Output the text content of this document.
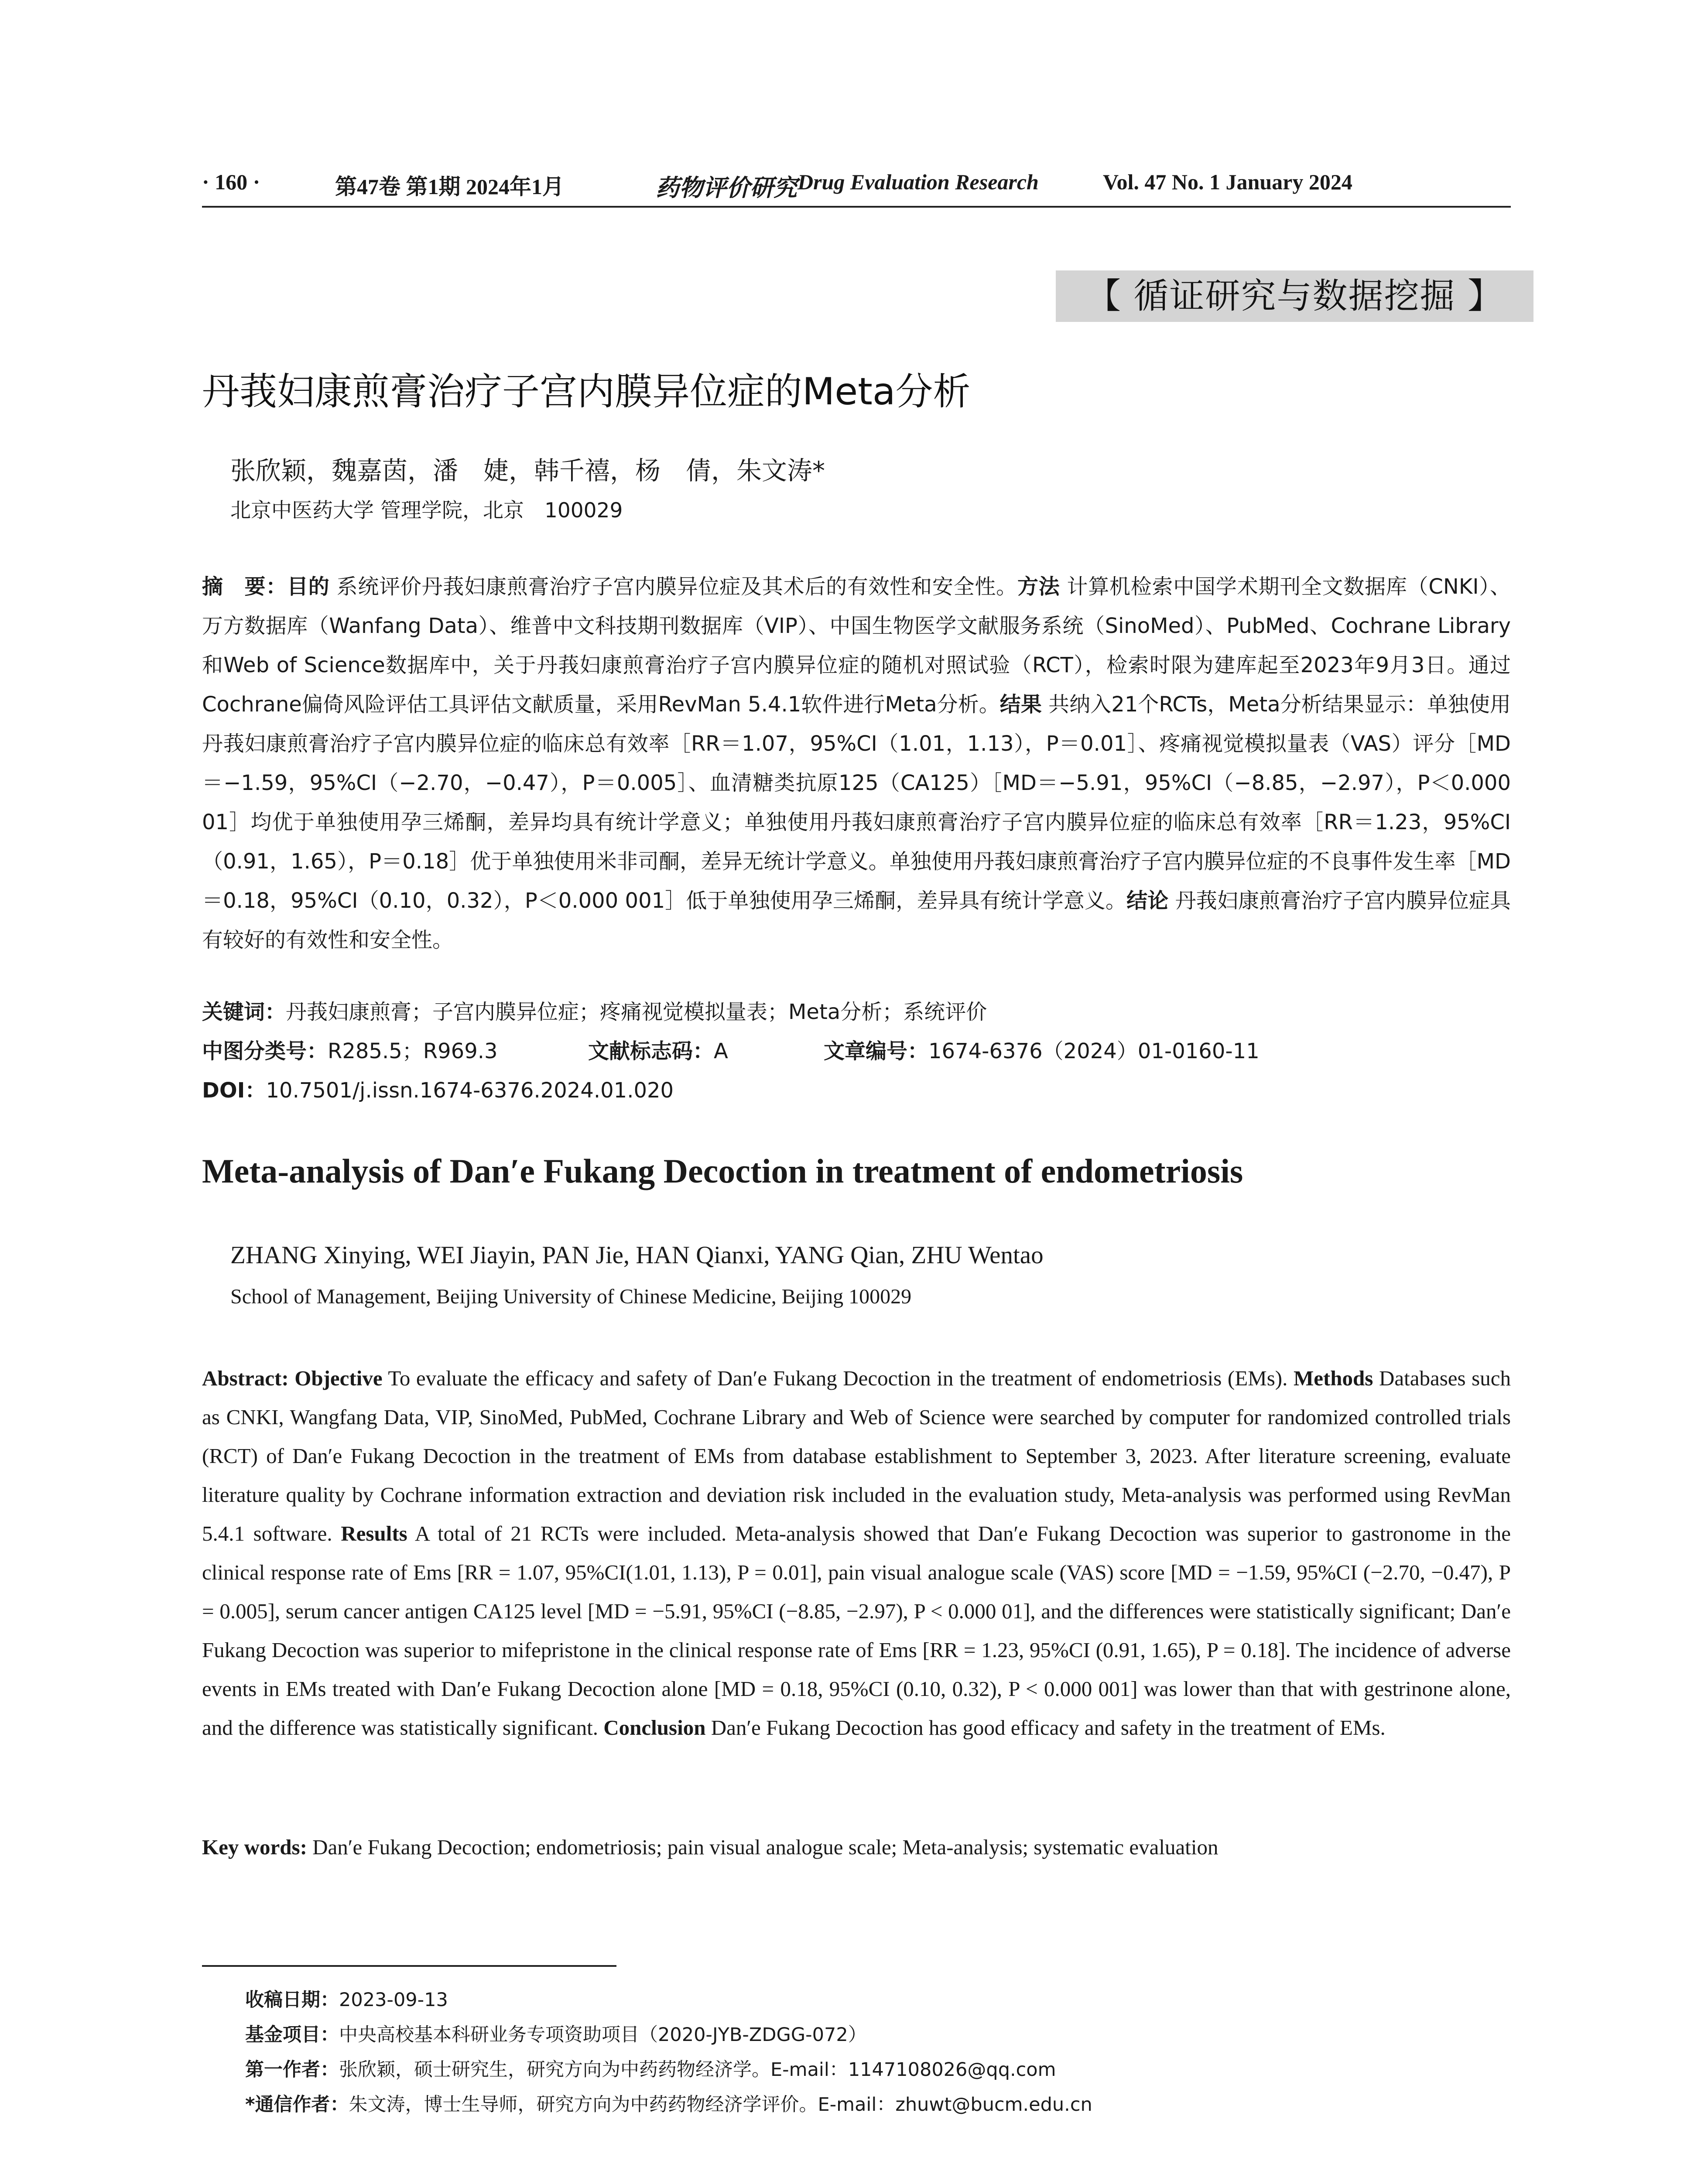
· 160 ·	第47卷 第1期 2024年1月	药物评价研究 Drug Evaluation Research	Vol. 47 No. 1 January 2024
【 循证研究与数据挖掘 】
丹莪妇康煎膏治疗子宫内膜异位症的Meta分析
张欣颖，魏嘉茵，潘　婕，韩千禧，杨　倩，朱文涛*
北京中医药大学 管理学院，北京　100029
摘　要：目的 系统评价丹莪妇康煎膏治疗子宫内膜异位症及其术后的有效性和安全性。方法 计算机检索中国学术期刊全文数据库（CNKI）、万方数据库（Wanfang Data）、维普中文科技期刊数据库（VIP）、中国生物医学文献服务系统（SinoMed）、PubMed、Cochrane Library和Web of Science数据库中，关于丹莪妇康煎膏治疗子宫内膜异位症的随机对照试验（RCT），检索时限为建库起至2023年9月3日。通过Cochrane偏倚风险评估工具评估文献质量，采用RevMan 5.4.1软件进行Meta分析。结果 共纳入21个RCTs，Meta分析结果显示：单独使用丹莪妇康煎膏治疗子宫内膜异位症的临床总有效率［RR＝1.07，95%CI（1.01，1.13），P＝0.01］、疼痛视觉模拟量表（VAS）评分［MD＝−1.59，95%CI（−2.70，−0.47），P＝0.005］、血清糖类抗原125（CA125）［MD＝−5.91，95%CI（−8.85，−2.97），P＜0.000 01］均优于单独使用孕三烯酮，差异均具有统计学意义；单独使用丹莪妇康煎膏治疗子宫内膜异位症的临床总有效率［RR＝1.23，95%CI（0.91，1.65），P＝0.18］优于单独使用米非司酮，差异无统计学意义。单独使用丹莪妇康煎膏治疗子宫内膜异位症的不良事件发生率［MD＝0.18，95%CI（0.10，0.32），P＜0.000 001］低于单独使用孕三烯酮，差异具有统计学意义。结论 丹莪妇康煎膏治疗子宫内膜异位症具有较好的有效性和安全性。
关键词：丹莪妇康煎膏；子宫内膜异位症；疼痛视觉模拟量表；Meta分析；系统评价
中图分类号：R285.5；R969.3	文献标志码：A	文章编号：1674-6376（2024）01-0160-11
DOI：10.7501/j.issn.1674-6376.2024.01.020
Meta-analysis of Dan′e Fukang Decoction in treatment of endometriosis
ZHANG Xinying, WEI Jiayin, PAN Jie, HAN Qianxi, YANG Qian, ZHU Wentao
School of Management, Beijing University of Chinese Medicine, Beijing 100029
Abstract: Objective To evaluate the efficacy and safety of Dan′e Fukang Decoction in the treatment of endometriosis (EMs). Methods Databases such as CNKI, Wangfang Data, VIP, SinoMed, PubMed, Cochrane Library and Web of Science were searched by computer for randomized controlled trials (RCT) of Dan′e Fukang Decoction in the treatment of EMs from database establishment to September 3, 2023. After literature screening, evaluate literature quality by Cochrane information extraction and deviation risk included in the evaluation study, Meta-analysis was performed using RevMan 5.4.1 software. Results A total of 21 RCTs were included. Meta-analysis showed that Dan′e Fukang Decoction was superior to gastronome in the clinical response rate of Ems [RR = 1.07, 95%CI(1.01, 1.13), P = 0.01], pain visual analogue scale (VAS) score [MD = −1.59, 95%CI (−2.70, −0.47), P = 0.005], serum cancer antigen CA125 level [MD = −5.91, 95%CI (−8.85, −2.97), P < 0.000 01], and the differences were statistically significant; Dan′e Fukang Decoction was superior to mifepristone in the clinical response rate of Ems [RR = 1.23, 95%CI (0.91, 1.65), P = 0.18]. The incidence of adverse events in EMs treated with Dan′e Fukang Decoction alone [MD = 0.18, 95%CI (0.10, 0.32), P < 0.000 001] was lower than that with gestrinone alone, and the difference was statistically significant. Conclusion Dan′e Fukang Decoction has good efficacy and safety in the treatment of EMs.
Key words: Dan′e Fukang Decoction; endometriosis; pain visual analogue scale; Meta-analysis; systematic evaluation
收稿日期：2023-09-13
基金项目：中央高校基本科研业务专项资助项目（2020-JYB-ZDGG-072）
第一作者：张欣颖，硕士研究生，研究方向为中药药物经济学。E-mail：1147108026@qq.com
*通信作者：朱文涛，博士生导师，研究方向为中药药物经济学评价。E-mail：zhuwt@bucm.edu.cn
